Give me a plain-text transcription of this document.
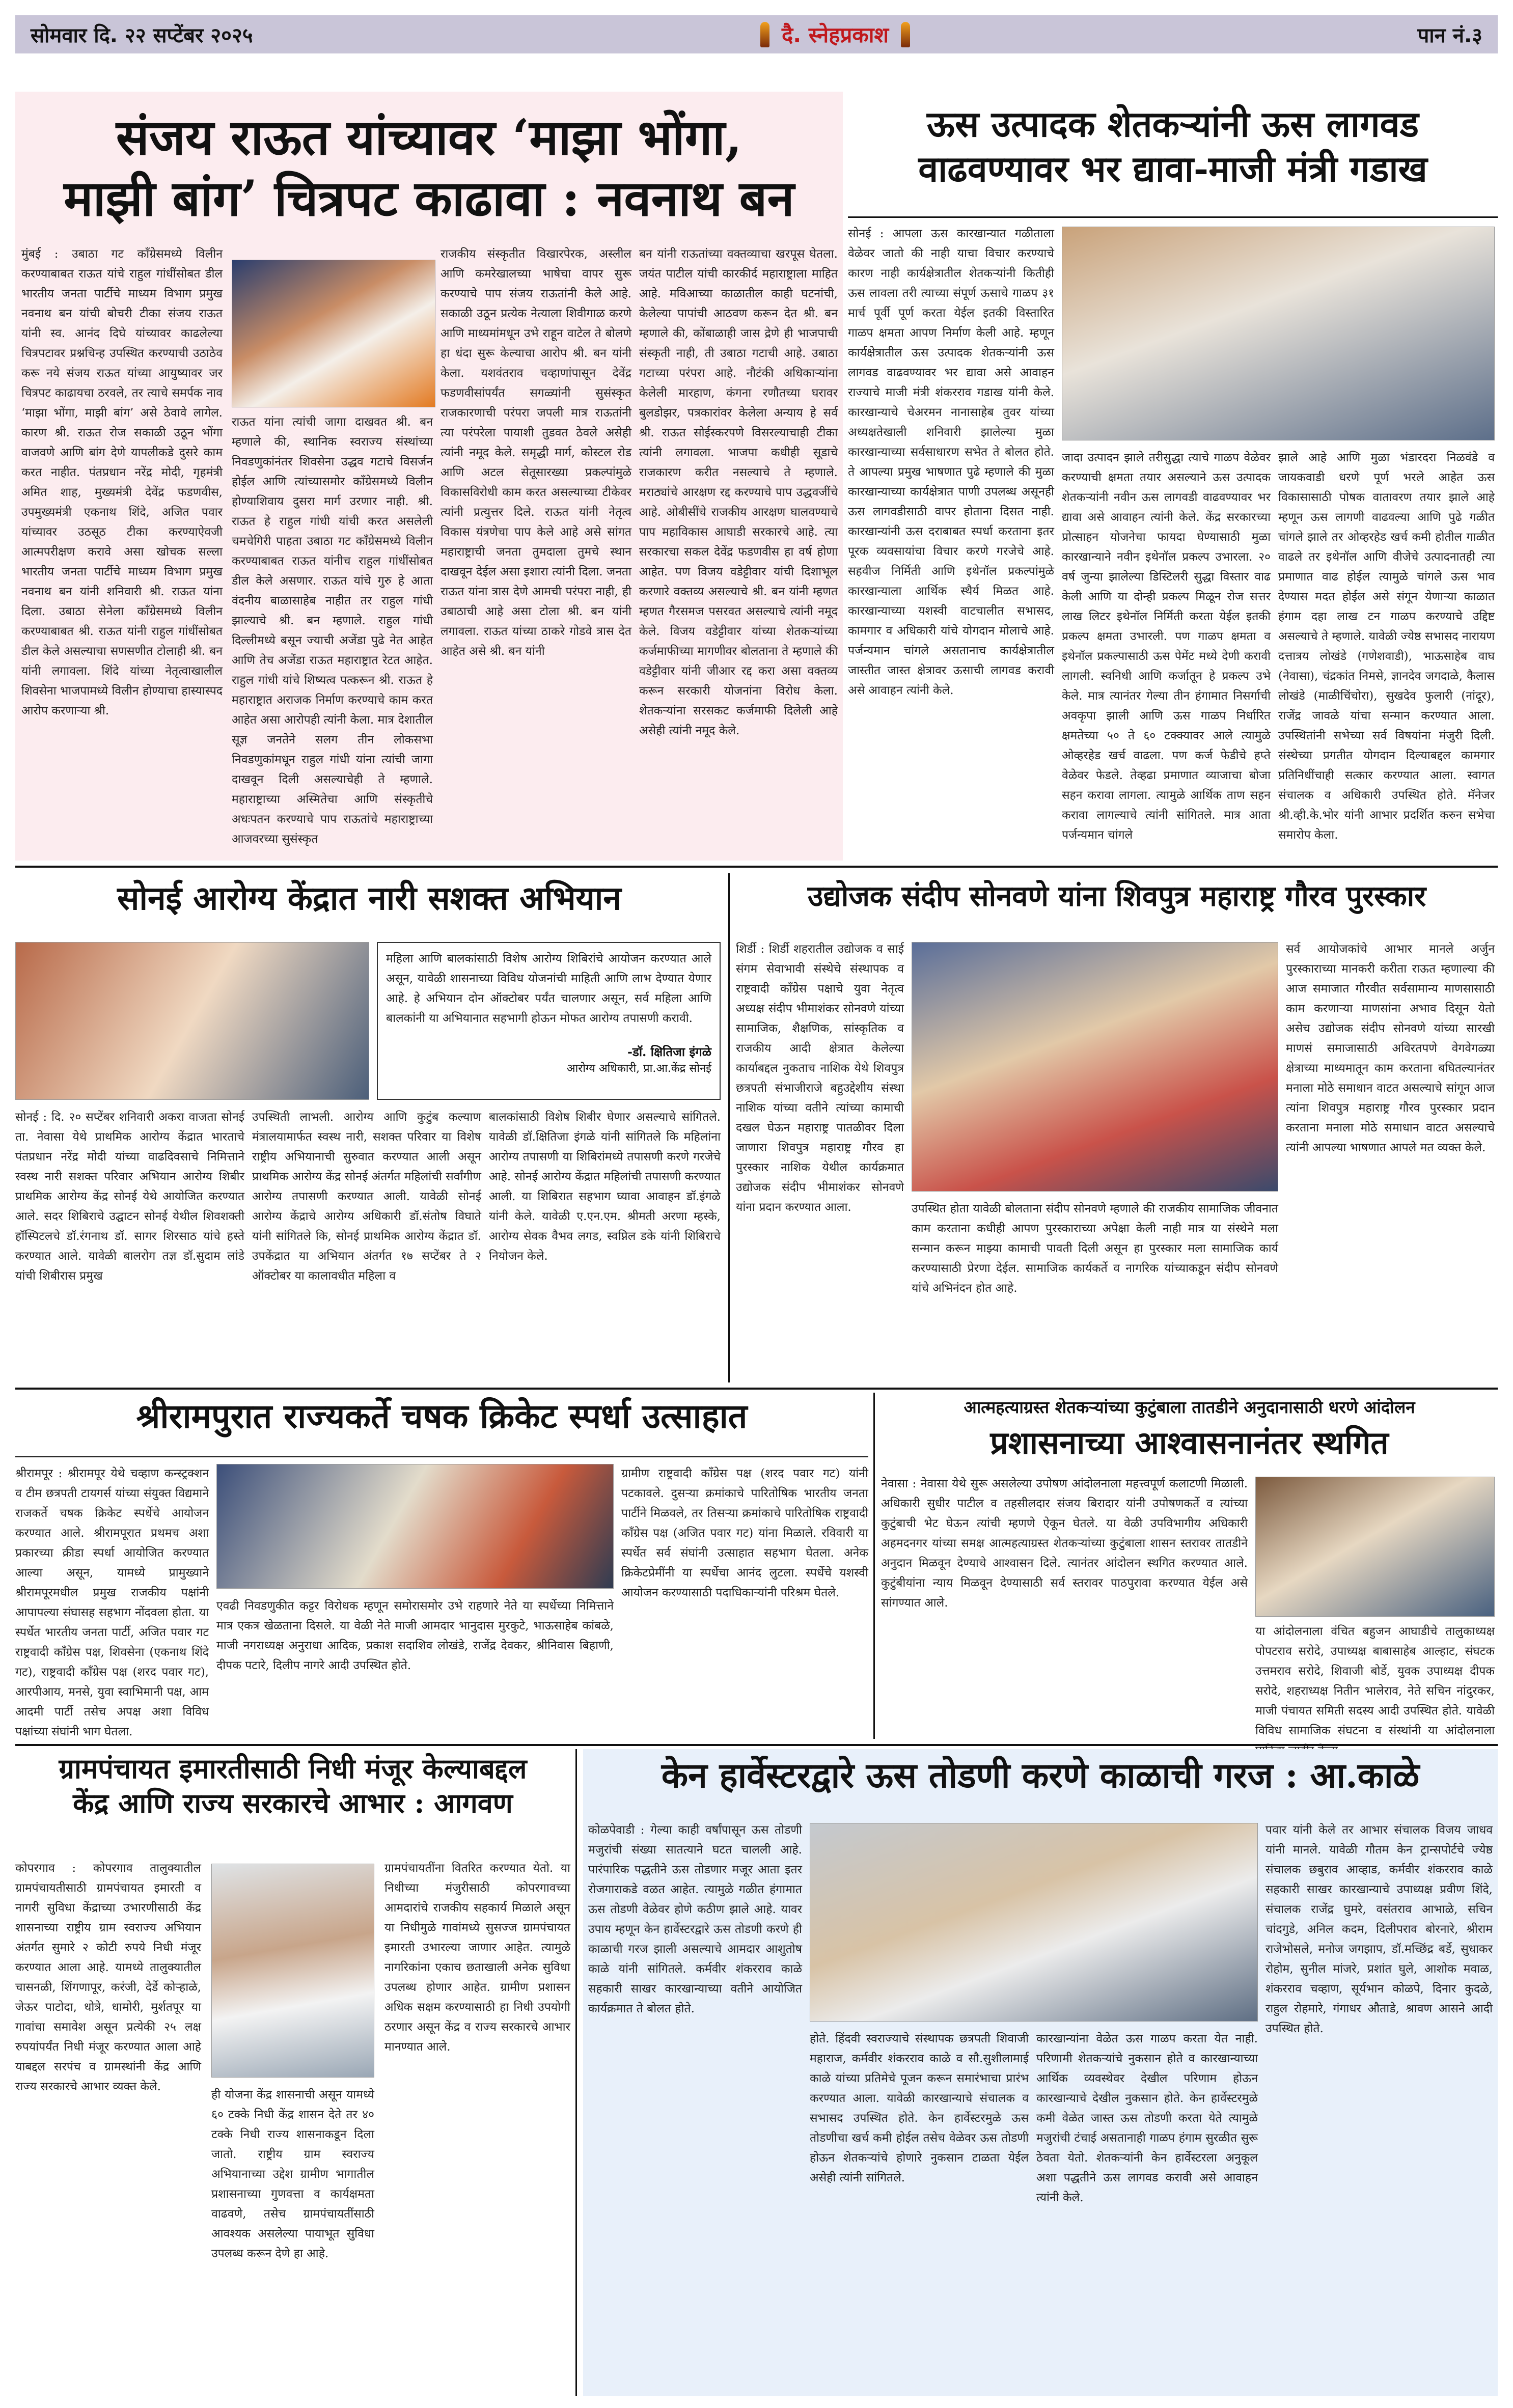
सोमवार दि. २२ सप्टेंबर २०२५	दै. स्नेहप्रकाश	पान नं.३
संजय राऊत यांच्यावर ‘माझा भोंगा,
माझी बांग’ चित्रपट काढावा : नवनाथ बन
मुंबई : उबाठा गट काँग्रेसमध्ये विलीन करण्याबाबत राऊत यांचे राहुल गांधींसोबत डील भारतीय जनता पार्टीचे माध्यम विभाग प्रमुख नवनाथ बन यांची बोचरी टीका संजय राऊत यांनी स्व. आनंद दिघे यांच्यावर काढलेल्या चित्रपटावर प्रश्नचिन्ह उपस्थित करण्याची उठाठेव करू नये संजय राऊत यांच्या आयुष्यावर जर चित्रपट काढायचा ठरवले, तर त्याचे समर्पक नाव ‘माझा भोंगा, माझी बांग’ असे ठेवावे लागेल. कारण श्री. राऊत रोज सकाळी उठून भोंगा वाजवणे आणि बांग देणे यापलीकडे दुसरे काम करत नाहीत. पंतप्रधान नरेंद्र मोदी, गृहमंत्री अमित शाह, मुख्यमंत्री देवेंद्र फडणवीस, उपमुख्यमंत्री एकनाथ शिंदे, अजित पवार यांच्यावर उठसूठ टीका करण्याऐवजी आत्मपरीक्षण करावे असा खोचक सल्ला भारतीय जनता पार्टीचे माध्यम विभाग प्रमुख नवनाथ बन यांनी शनिवारी श्री. राऊत यांना दिला. उबाठा सेनेला काँग्रेसमध्ये विलीन करण्याबाबत श्री. राऊत यांनी राहुल गांधींसोबत डील केले असल्याचा सणसणीत टोलाही श्री. बन यांनी लगावला. शिंदे यांच्या नेतृत्वाखालील शिवसेना भाजपामध्ये विलीन होण्याचा हास्यास्पद आरोप करणाऱ्या श्री.
राऊत यांना त्यांची जागा दाखवत श्री. बन म्हणाले की, स्थानिक स्वराज्य संस्थांच्या निवडणुकांनंतर शिवसेना उद्धव गटाचे विसर्जन होईल आणि त्यांच्यासमोर काँग्रेसमध्ये विलीन होण्याशिवाय दुसरा मार्ग उरणार नाही. श्री. राऊत हे राहुल गांधी यांची करत असलेली चमचेगिरी पाहता उबाठा गट काँग्रेसमध्ये विलीन करण्याबाबत राऊत यांनीच राहुल गांधींसोबत डील केले असणार. राऊत यांचे गुरु हे आता वंदनीय बाळासाहेब नाहीत तर राहुल गांधी झाल्याचे श्री. बन म्हणाले. राहुल गांधी दिल्लीमध्ये बसून ज्याची अजेंडा पुढे नेत आहेत आणि तेच अजेंडा राऊत महाराष्ट्रात रेटत आहेत. राहुल गांधी यांचे शिष्यत्व पत्करून श्री. राऊत हे महाराष्ट्रात अराजक निर्माण करण्याचे काम करत आहेत असा आरोपही त्यांनी केला. मात्र देशातील सूज्ञ जनतेने सलग तीन लोकसभा निवडणुकांमधून राहुल गांधी यांना त्यांची जागा दाखवून दिली असल्याचेही ते म्हणाले. महाराष्ट्राच्या अस्मितेचा आणि संस्कृतीचे अधःपतन करण्याचे पाप राऊतांचे महाराष्ट्राच्या आजवरच्या सुसंस्कृत
राजकीय संस्कृतीत विखारपेरक, अस्लील आणि कमरेखालच्या भाषेचा वापर सुरू करण्याचे पाप संजय राऊतांनी केले आहे. सकाळी उठून प्रत्येक नेत्याला शिवीगाळ करणे आणि माध्यमांमधून उभे राहून वाटेल ते बोलणे हा धंदा सुरू केल्याचा आरोप श्री. बन यांनी केला. यशवंतराव चव्हाणांपासून देवेंद्र फडणवीसांपर्यंत सगळ्यांनी सुसंस्कृत राजकारणाची परंपरा जपली मात्र राऊतांनी त्या परंपरेला पायाशी तुडवत ठेवले असेही त्यांनी नमूद केले. समृद्धी मार्ग, कोस्टल रोड आणि अटल सेतूसारख्या प्रकल्पांमुळे विकासविरोधी काम करत असल्याच्या टीकेवर त्यांनी प्रत्युत्तर दिले. राऊत यांनी नेतृत्व विकास यंत्रणेचा पाप केले आहे असे सांगत महाराष्ट्राची जनता तुमदाला तुमचे स्थान दाखवून देईल असा इशारा त्यांनी दिला. जनता राऊत यांना त्रास देणे आमची परंपरा नाही, ही उबाठाची आहे असा टोला श्री. बन यांनी लगावला. राऊत यांच्या ठाकरे गोडवे त्रास देत आहेत असे श्री. बन यांनी
बन यांनी राऊतांच्या वक्तव्याचा खरपूस घेतला. जयंत पाटील यांची कारकीर्द महाराष्ट्राला माहित आहे. मविआच्या काळातील काही घटनांची, केलेल्या पापांची आठवण करून देत श्री. बन म्हणाले की, कोंबाळाही जास द्रेणे ही भाजपाची संस्कृती नाही, ती उबाठा गटाची आहे. उबाठा गटाच्या परंपरा आहे. नौटंकी अधिकाऱ्यांना केलेली मारहाण, कंगना रणौतच्या घरावर बुलडोझर, पत्रकारांवर केलेला अन्याय हे सर्व श्री. राऊत सोईस्करपणे विसरल्याचाही टीका त्यांनी लगावला. भाजपा कधीही सूडाचे राजकारण करीत नसल्याचे ते म्हणाले. मराठ्यांचे आरक्षण रद्द करण्याचे पाप उद्धवजींचे आहे. ओबीसींचे राजकीय आरक्षण घालवण्याचे पाप महाविकास आघाडी सरकारचे आहे. त्या सरकारचा सकल देवेंद्र फडणवीस हा वर्ष होणा आहेत. पण विजय वडेट्टीवार यांची दिशाभूल करणारे वक्तव्य असल्याचे श्री. बन यांनी म्हणत म्हणत गैरसमज पसरवत असल्याचे त्यांनी नमूद केले. विजय वडेट्टीवार यांच्या शेतकऱ्यांच्या कर्जमाफीच्या मागणीवर बोलताना ते म्हणाले की वडेट्टीवार यांनी जीआर रद्द करा असा वक्तव्य करून सरकारी योजनांना विरोध केला. शेतकऱ्यांना सरसकट कर्जमाफी दिलेली आहे असेही त्यांनी नमूद केले.
ऊस उत्पादक शेतकऱ्यांनी ऊस लागवड
वाढवण्यावर भर द्यावा-माजी मंत्री गडाख
सोनई : आपला ऊस कारखान्यात गळीताला वेळेवर जातो की नाही याचा विचार करण्याचे कारण नाही कार्यक्षेत्रातील शेतकऱ्यांनी कितीही ऊस लावला तरी त्याच्या संपूर्ण ऊसाचे गाळप ३१ मार्च पूर्वी पूर्ण करता येईल इतकी विस्तारित गाळप क्षमता आपण निर्माण केली आहे. म्हणून कार्यक्षेत्रातील ऊस उत्पादक शेतकऱ्यांनी ऊस लागवड वाढवण्यावर भर द्यावा असे आवाहन राज्याचे माजी मंत्री शंकरराव गडाख यांनी केले. कारखान्याचे चेअरमन नानासाहेब तुवर यांच्या अध्यक्षतेखाली शनिवारी झालेल्या मुळा कारखान्याच्या सर्वसाधारण सभेत ते बोलत होते. ते आपल्या प्रमुख भाषणात पुढे म्हणाले की मुळा कारखान्याच्या कार्यक्षेत्रात पाणी उपलब्ध असूनही ऊस लागवडीसाठी वापर होताना दिसत नाही. कारखान्यांनी ऊस दराबाबत स्पर्धा करताना इतर पूरक व्यवसायांचा विचार करणे गरजेचे आहे. सहवीज निर्मिती आणि इथेनॉल प्रकल्पांमुळे कारखान्याला आर्थिक स्थैर्य मिळत आहे. कारखान्याच्या यशस्वी वाटचालीत सभासद, कामगार व अधिकारी यांचे योगदान मोलाचे आहे. पर्जन्यमान चांगले असतानाच कार्यक्षेत्रातील जास्तीत जास्त क्षेत्रावर ऊसाची लागवड करावी असे आवाहन त्यांनी केले.
जादा उत्पादन झाले तरीसुद्धा त्याचे गाळप वेळेवर करण्याची क्षमता तयार असल्याने ऊस उत्पादक शेतकऱ्यांनी नवीन ऊस लागवडी वाढवण्यावर भर द्यावा असे आवाहन त्यांनी केले. केंद्र सरकारच्या प्रोत्साहन योजनेचा फायदा घेण्यासाठी मुळा कारखान्याने नवीन इथेनॉल प्रकल्प उभारला. २० वर्ष जुन्या झालेल्या डिस्टिलरी सुद्धा विस्तार वाढ केली आणि या दोन्ही प्रकल्प मिळून रोज सत्तर लाख लिटर इथेनॉल निर्मिती करता येईल इतकी प्रकल्प क्षमता उभारली. पण गाळप क्षमता व इथेनॉल प्रकल्पासाठी ऊस पेमेंट मध्ये देणी करावी लागली. स्वनिधी आणि कर्जातून हे प्रकल्प उभे केले. मात्र त्यानंतर गेल्या तीन हंगामात निसर्गाची अवकृपा झाली आणि ऊस गाळप निर्धारित क्षमतेच्या ५० ते ६० टक्क्यावर आले त्यामुळे ओव्हरहेड खर्च वाढला. पण कर्ज फेडीचे हप्ते वेळेवर फेडले. तेव्हढा प्रमाणात व्याजाचा बोजा सहन करावा लागला. त्यामुळे आर्थिक ताण सहन करावा लागल्याचे त्यांनी सांगितले. मात्र आता पर्जन्यमान चांगले
झाले आहे आणि मुळा भंडारदरा निळवंडे व जायकवाडी धरणे पूर्ण भरले आहेत ऊस विकासासाठी पोषक वातावरण तयार झाले आहे म्हणून ऊस लागणी वाढवल्या आणि पुढे गळीत चांगले झाले तर ओव्हरहेड खर्च कमी होतील गाळीत वाढले तर इथेनॉल आणि वीजेचे उत्पादनातही त्या प्रमाणात वाढ होईल त्यामुळे चांगले ऊस भाव देण्यास मदत होईल असे संगून येणाऱ्या काळात हंगाम दहा लाख टन गाळप करण्याचे उद्दिष्ट असल्याचे ते म्हणाले. यावेळी ज्येष्ठ सभासद नारायण दत्तात्रय लोखंडे (गणेशवाडी), भाऊसाहेब वाघ (नेवासा), चंद्रकांत निमसे, ज्ञानदेव जगदाळे, कैलास लोखंडे (माळीचिंचोरा), सुखदेव फुलारी (नांदूर), राजेंद्र जावळे यांचा सन्मान करण्यात आला. उपस्थितांनी सभेच्या सर्व विषयांना मंजुरी दिली. संस्थेच्या प्रगतीत योगदान दिल्याबद्दल कामगार प्रतिनिधींचाही सत्कार करण्यात आला. स्वागत संचालक व अधिकारी उपस्थित होते. मॅनेजर श्री.व्ही.के.भोर यांनी आभार प्रदर्शित करुन सभेचा समारोप केला.
सोनई आरोग्य केंद्रात नारी सशक्त अभियान
महिला आणि बालकांसाठी विशेष आरोग्य शिबिरांचे आयोजन करण्यात आले असून, यावेळी शासनाच्या विविध योजनांची माहिती आणि लाभ देण्यात येणार आहे. हे अभियान दोन ऑक्टोबर पर्यंत चालणार असून, सर्व महिला आणि बालकांनी या अभियानात सहभागी होऊन मोफत आरोग्य तपासणी करावी.
-डॉ. क्षितिजा इंगळे
आरोग्य अधिकारी, प्रा.आ.केंद्र सोनई
सोनई : दि. २० सप्टेंबर शनिवारी अकरा वाजता सोनई ता. नेवासा येथे प्राथमिक आरोग्य केंद्रात भारताचे पंतप्रधान नरेंद्र मोदी यांच्या वाढदिवसाचे निमित्ताने स्वस्थ नारी सशक्त परिवार अभियान आरोग्य शिबीर प्राथमिक आरोग्य केंद्र सोनई येथे आयोजित करण्यात आले. सदर शिबिराचे उद्घाटन सोनई येथील शिवशक्ती हॉस्पिटलचे डॉ.रंगनाथ डॉ. सागर शिरसाठ यांचे हस्ते करण्यात आले. यावेळी बालरोग तज्ञ डॉ.सुदाम लांडे यांची शिबीरास प्रमुख
उपस्थिती लाभली. आरोग्य आणि कुटुंब कल्याण मंत्रालयामार्फत स्वस्थ नारी, सशक्त परिवार या विशेष राष्ट्रीय अभियानाची सुरुवात करण्यात आली असून प्राथमिक आरोग्य केंद्र सोनई अंतर्गत महिलांची सर्वांगीण आरोग्य तपासणी करण्यात आली. यावेळी सोनई आरोग्य केंद्राचे आरोग्य अधिकारी डॉ.संतोष विघाते यांनी सांगितले कि, सोनई प्राथमिक आरोग्य केंद्रात डॉ. उपकेंद्रात या अभियान अंतर्गत १७ सप्टेंबर ते २ ऑक्टोबर या कालावधीत महिला व
बालकांसाठी विशेष शिबीर घेणार असल्याचे सांगितले. यावेळी डॉ.क्षितिजा इंगळे यांनी सांगितले कि महिलांना आरोग्य तपासणी या शिबिरांमध्ये तपासणी करणे गरजेचे आहे. सोनई आरोग्य केंद्रात महिलांची तपासणी करण्यात आली. या शिबिरात सहभाग घ्यावा आवाहन डॉ.इंगळे यांनी केले. यावेळी ए.एन.एम. श्रीमती अरणा म्हस्के, आरोग्य सेवक वैभव लगड, स्वप्निल डके यांनी शिबिराचे नियोजन केले.
उद्योजक संदीप सोनवणे यांना शिवपुत्र महाराष्ट्र गौरव पुरस्कार
शिर्डी : शिर्डी शहरातील उद्योजक व साई संगम सेवाभावी संस्थेचे संस्थापक व राष्ट्रवादी काँग्रेस पक्षाचे युवा नेतृत्व अध्यक्ष संदीप भीमाशंकर सोनवणे यांच्या सामाजिक, शैक्षणिक, सांस्कृतिक व राजकीय आदी क्षेत्रात केलेल्या कार्याबद्दल नुकताच नाशिक येथे शिवपुत्र छत्रपती संभाजीराजे बहुउद्देशीय संस्था नाशिक यांच्या वतीने त्यांच्या कामाची दखल घेऊन महाराष्ट्र पातळीवर दिला जाणारा शिवपुत्र महाराष्ट्र गौरव हा पुरस्कार नाशिक येथील कार्यक्रमात उद्योजक संदीप भीमाशंकर सोनवणे यांना प्रदान करण्यात आला.	उपस्थित होता यावेळी बोलताना संदीप सोनवणे म्हणाले की राजकीय सामाजिक जीवनात काम करताना कधीही आपण पुरस्काराच्या अपेक्षा केली नाही मात्र या संस्थेने मला सन्मान करून माझ्या कामाची पावती दिली असून हा पुरस्कार मला सामाजिक कार्य करण्यासाठी प्रेरणा देईल. सामाजिक कार्यकर्ते व नागरिक यांच्याकडून संदीप सोनवणे यांचे अभिनंदन होत आहे.
सर्व आयोजकांचे आभार मानले अर्जुन पुरस्काराच्या मानकरी करीता राऊत म्हणाल्या की आज समाजात गौरवीत सर्वसामान्य माणसासाठी काम करणाऱ्या माणसांना अभाव दिसून येतो असेच उद्योजक संदीप सोनवणे यांच्या सारखी माणसं समाजासाठी अविरतपणे वेगवेगळ्या क्षेत्राच्या माध्यमातून काम करताना बघितल्यानंतर मनाला मोठे समाधान वाटत असल्याचे सांगून आज त्यांना शिवपुत्र महाराष्ट्र गौरव पुरस्कार प्रदान करताना मनाला मोठे समाधान वाटत असल्याचे त्यांनी आपल्या भाषणात आपले मत व्यक्त केले.
श्रीरामपुरात राज्यकर्ते चषक क्रिकेट स्पर्धा उत्साहात
श्रीरामपूर : श्रीरामपूर येथे चव्हाण कन्स्ट्रक्शन व टीम छत्रपती टायगर्स यांच्या संयुक्त विद्यमाने राजकर्ते चषक क्रिकेट स्पर्धेचे आयोजन करण्यात आले. श्रीरामपूरात प्रथमच अशा प्रकारच्या क्रीडा स्पर्धा आयोजित करण्यात आल्या असून, यामध्ये प्रामुख्याने श्रीरामपूरमधील प्रमुख राजकीय पक्षांनी आपापल्या संघासह सहभाग नोंदवला होता. या स्पर्धेत भारतीय जनता पार्टी, अजित पवार गट राष्ट्रवादी काँग्रेस पक्ष, शिवसेना (एकनाथ शिंदे गट), राष्ट्रवादी काँग्रेस पक्ष (शरद पवार गट), आरपीआय, मनसे, युवा स्वाभिमानी पक्ष, आम आदमी पार्टी तसेच अपक्ष अशा विविध पक्षांच्या संघांनी भाग घेतला.
एवढी निवडणुकीत कट्टर विरोधक म्हणून समोरासमोर उभे राहणारे नेते या स्पर्धेच्या निमित्ताने मात्र एकत्र खेळताना दिसले. या वेळी नेते माजी आमदार भानुदास मुरकुटे, भाऊसाहेब कांबळे, माजी नगराध्यक्ष अनुराधा आदिक, प्रकाश सदाशिव लोखंडे, राजेंद्र देवकर, श्रीनिवास बिहाणी, दीपक पटारे, दिलीप नागरे आदी उपस्थित होते.
ग्रामीण राष्ट्रवादी काँग्रेस पक्ष (शरद पवार गट) यांनी पटकावले. दुसऱ्या क्रमांकाचे पारितोषिक भारतीय जनता पार्टीने मिळवले, तर तिसऱ्या क्रमांकाचे पारितोषिक राष्ट्रवादी काँग्रेस पक्ष (अजित पवार गट) यांना मिळाले. रविवारी या स्पर्धेत सर्व संघांनी उत्साहात सहभाग घेतला. अनेक क्रिकेटप्रेमींनी या स्पर्धेचा आनंद लुटला. स्पर्धेचे यशस्वी आयोजन करण्यासाठी पदाधिकाऱ्यांनी परिश्रम घेतले.
आत्महत्याग्रस्त शेतकऱ्यांच्या कुटुंबाला तातडीने अनुदानासाठी धरणे आंदोलन
प्रशासनाच्या आश्वासनानंतर स्थगित
नेवासा : नेवासा येथे सुरू असलेल्या उपोषण आंदोलनाला महत्त्वपूर्ण कलाटणी मिळाली. अधिकारी सुधीर पाटील व तहसीलदार संजय बिरादार यांनी उपोषणकर्ते व त्यांच्या कुटुंबाची भेट घेऊन त्यांची म्हणणे ऐकून घेतले. या वेळी उपविभागीय अधिकारी अहमदनगर यांच्या समक्ष आत्महत्याग्रस्त शेतकऱ्यांच्या कुटुंबाला शासन स्तरावर तातडीने अनुदान मिळवून देण्याचे आश्वासन दिले. त्यानंतर आंदोलन स्थगित करण्यात आले. कुटुंबीयांना न्याय मिळवून देण्यासाठी सर्व स्तरावर पाठपुरावा करण्यात येईल असे सांगण्यात आले.
या आंदोलनाला वंचित बहुजन आघाडीचे तालुकाध्यक्ष पोपटराव सरोदे, उपाध्यक्ष बाबासाहेब आल्हाट, संघटक उत्तमराव सरोदे, शिवाजी बोर्डे, युवक उपाध्यक्ष दीपक सरोदे, शहराध्यक्ष नितीन भालेराव, नेते सचिन नांदुरकर, माजी पंचायत समिती सदस्य आदी उपस्थित होते. यावेळी विविध सामाजिक संघटना व संस्थांनी या आंदोलनाला
ग्रामपंचायत इमारतीसाठी निधी मंजूर केल्याबद्दल
केंद्र आणि राज्य सरकारचे आभार : आगवण
कोपरगाव : कोपरगाव तालुक्यातील ग्रामपंचायतीसाठी ग्रामपंचायत इमारती व नागरी सुविधा केंद्राच्या उभारणीसाठी केंद्र शासनाच्या राष्ट्रीय ग्राम स्वराज्य अभियान अंतर्गत सुमारे २ कोटी रुपये निधी मंजूर करण्यात आला आहे. यामध्ये तालुक्यातील चासनळी, शिंगणापूर, करंजी, देर्डे कोऱ्हाळे, जेऊर पाटोदा, धोत्रे, धामोरी, मुर्शतपूर या गावांचा समावेश असून प्रत्येकी २५ लक्ष रुपयांपर्यंत निधी मंजूर करण्यात आला आहे याबद्दल सरपंच व ग्रामस्थांनी केंद्र आणि राज्य सरकारचे आभार व्यक्त केले.
ही योजना केंद्र शासनाची असून यामध्ये ६० टक्के निधी केंद्र शासन देते तर ४० टक्के निधी राज्य शासनाकडून दिला जातो. राष्ट्रीय ग्राम स्वराज्य अभियानाच्या उद्देश ग्रामीण भागातील प्रशासनाच्या गुणवत्ता व कार्यक्षमता वाढवणे, तसेच ग्रामपंचायतींसाठी आवश्यक असलेल्या पायाभूत सुविधा उपलब्ध करून देणे हा आहे.
ग्रामपंचायतींना वितरित करण्यात येतो. या निधीच्या मंजुरीसाठी कोपरगावच्या आमदारांचे राजकीय सहकार्य मिळाले असून या निधीमुळे गावांमध्ये सुसज्ज ग्रामपंचायत इमारती उभारल्या जाणार आहेत. त्यामुळे नागरिकांना एकाच छताखाली अनेक सुविधा उपलब्ध होणार आहेत. ग्रामीण प्रशासन अधिक सक्षम करण्यासाठी हा निधी उपयोगी ठरणार असून केंद्र व राज्य सरकारचे आभार मानण्यात आले.
केन हार्वेस्टरद्वारे ऊस तोडणी करणे काळाची गरज : आ.काळे
कोळपेवाडी : गेल्या काही वर्षांपासून ऊस तोडणी मजुरांची संख्या सातत्याने घटत चालली आहे. पारंपारिक पद्धतीने ऊस तोडणार मजूर आता इतर रोजगाराकडे वळत आहेत. त्यामुळे गळीत हंगामात ऊस तोडणी वेळेवर होणे कठीण झाले आहे. यावर उपाय म्हणून केन हार्वेस्टरद्वारे ऊस तोडणी करणे ही काळाची गरज झाली असल्याचे आमदार आशुतोष काळे यांनी सांगितले. कर्मवीर शंकरराव काळे सहकारी साखर कारखान्याच्या वतीने आयोजित कार्यक्रमात ते बोलत होते.
होते. हिंदवी स्वराज्याचे संस्थापक छत्रपती शिवाजी महाराज, कर्मवीर शंकरराव काळे व सौ.सुशीलामाई काळे यांच्या प्रतिमेचे पूजन करून समारंभाचा प्रारंभ करण्यात आला. यावेळी कारखान्याचे संचालक व सभासद उपस्थित होते. केन हार्वेस्टरमुळे ऊस तोडणीचा खर्च कमी होईल तसेच वेळेवर ऊस तोडणी होऊन शेतकऱ्यांचे होणारे नुकसान टाळता येईल असेही त्यांनी सांगितले.
कारखान्यांना वेळेत ऊस गाळप करता येत नाही. परिणामी शेतकऱ्यांचे नुकसान होते व कारखान्याच्या आर्थिक व्यवस्थेवर देखील परिणाम होऊन कारखान्याचे देखील नुकसान होते. केन हार्वेस्टरमुळे कमी वेळेत जास्त ऊस तोडणी करता येते त्यामुळे मजुरांची टंचाई असतानाही गाळप हंगाम सुरळीत सुरू ठेवता येतो. शेतकऱ्यांनी केन हार्वेस्टरला अनुकूल अशा पद्धतीने ऊस लागवड करावी असे आवाहन त्यांनी केले.
पवार यांनी केले तर आभार संचालक विजय जाधव यांनी मानले. यावेळी गौतम केन ट्रान्सपोर्टचे ज्येष्ठ संचालक छबुराव आव्हाड, कर्मवीर शंकरराव काळे सहकारी साखर कारखान्याचे उपाध्यक्ष प्रवीण शिंदे, संचालक राजेंद्र घुमरे, वसंतराव आभाळे, सचिन चांदगुडे, अनिल कदम, दिलीपराव बोरनारे, श्रीराम राजेभोसले, मनोज जगझाप, डॉ.मच्छिंद्र बर्डे, सुधाकर रोहोम, सुनील मांजरे, प्रशांत घुले, आशोक मवाळ, शंकरराव चव्हाण, सूर्यभान कोळपे, दिनार कुदळे, राहुल रोहमारे, गंगाधर औताडे, श्रावण आसने आदी उपस्थित होते.
